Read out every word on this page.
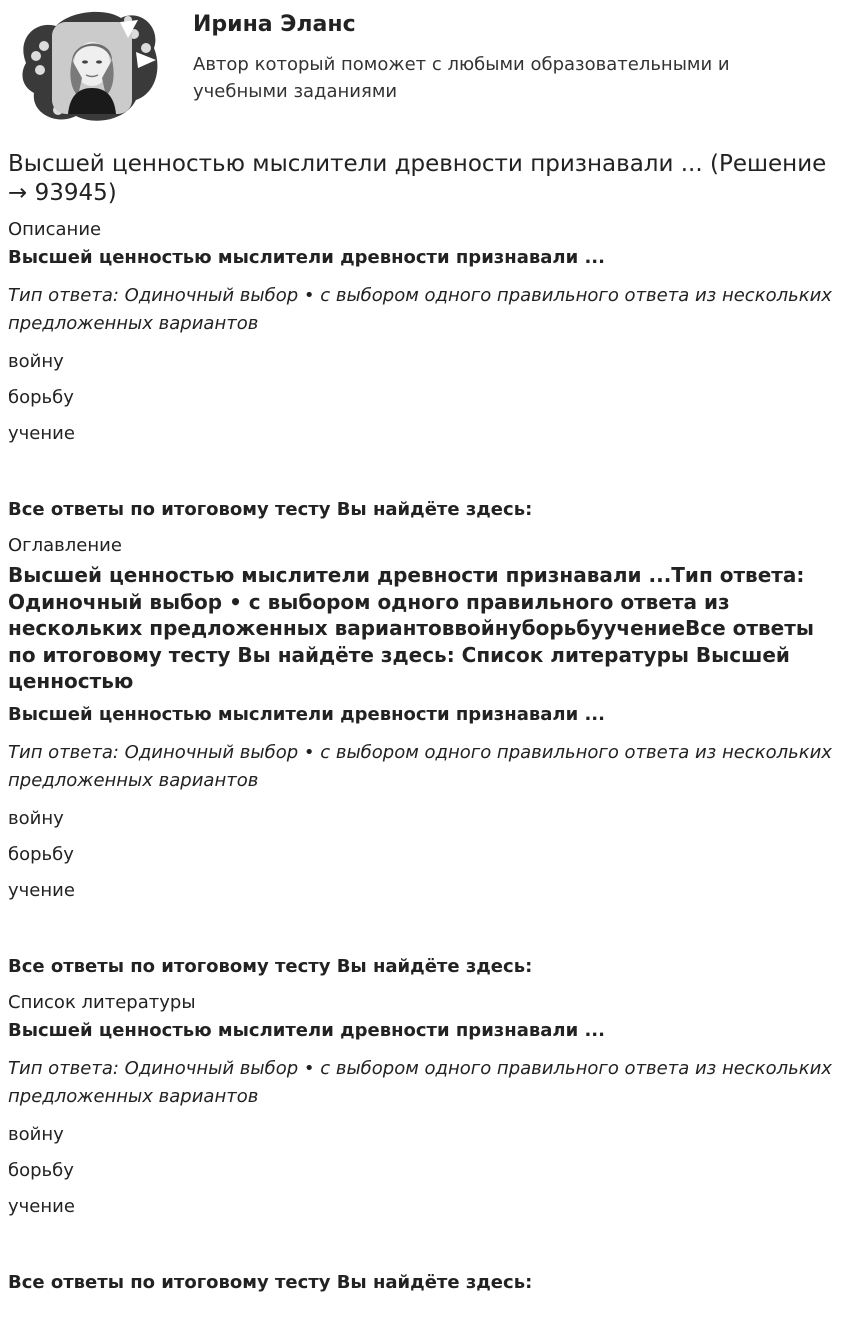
Ирина Эланс

Автор который поможет с любыми образовательными и учебными заданиями

Высшей ценностью мыслители древности признавали ... (Решение → 93945)
Описание
Высшей ценностью мыслители древности признавали ...
Тип ответа: Одиночный выбор • с выбором одного правильного ответа из нескольких предложенных вариантов
войну
борьбу
учение
Все ответы по итоговому тесту Вы найдёте здесь:
Оглавление
Высшей ценностью мыслители древности признавали ...Тип ответа: Одиночный выбор • с выбором одного правильного ответа из нескольких предложенных вариантоввойнуборьбуучениеВсе ответы по итоговому тесту Вы найдёте здесь: Список литературы Высшей ценностью
Высшей ценностью мыслители древности признавали ...
Тип ответа: Одиночный выбор • с выбором одного правильного ответа из нескольких предложенных вариантов
войну
борьбу
учение
Все ответы по итоговому тесту Вы найдёте здесь:
Список литературы
Высшей ценностью мыслители древности признавали ...
Тип ответа: Одиночный выбор • с выбором одного правильного ответа из нескольких предложенных вариантов
войну
борьбу
учение
Все ответы по итоговому тесту Вы найдёте здесь:
